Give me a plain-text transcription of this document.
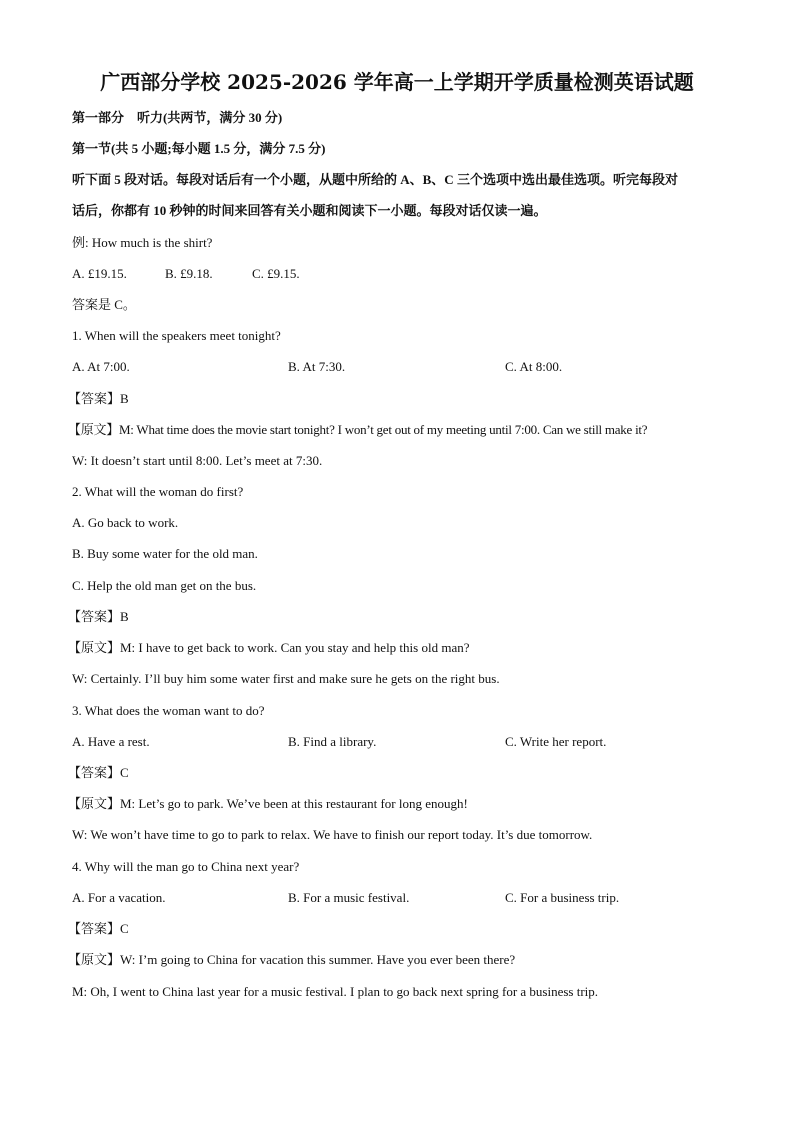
广西部分学校 2025-2026 学年高一上学期开学质量检测英语试题
第一部分　听力(共两节，满分 30 分)
第一节(共 5 小题;每小题 1.5 分，满分 7.5 分)
听下面 5 段对话。每段对话后有一个小题，从题中所给的 A、B、C 三个选项中选出最佳选项。听完每段对
话后，你都有 10 秒钟的时间来回答有关小题和阅读下一小题。每段对话仅读一遍。
例: How much is the shirt?
A. £19.15.	B. £9.18.	C. £9.15.
答案是 C。
1. When will the speakers meet tonight?
A. At 7:00.	B. At 7:30.	C. At 8:00.
【答案】B
【原文】M: What time does the movie start tonight? I won’t get out of my meeting until 7:00. Can we still make it?
W: It doesn’t start until 8:00. Let’s meet at 7:30.
2. What will the woman do first?
A. Go back to work.
B. Buy some water for the old man.
C. Help the old man get on the bus.
【答案】B
【原文】M: I have to get back to work. Can you stay and help this old man?
W: Certainly. I’ll buy him some water first and make sure he gets on the right bus.
3. What does the woman want to do?
A. Have a rest.	B. Find a library.	C. Write her report.
【答案】C
【原文】M: Let’s go to park. We’ve been at this restaurant for long enough!
W: We won’t have time to go to park to relax. We have to finish our report today. It’s due tomorrow.
4. Why will the man go to China next year?
A. For a vacation.	B. For a music festival.	C. For a business trip.
【答案】C
【原文】W: I’m going to China for vacation this summer. Have you ever been there?
M: Oh, I went to China last year for a music festival. I plan to go back next spring for a business trip.
